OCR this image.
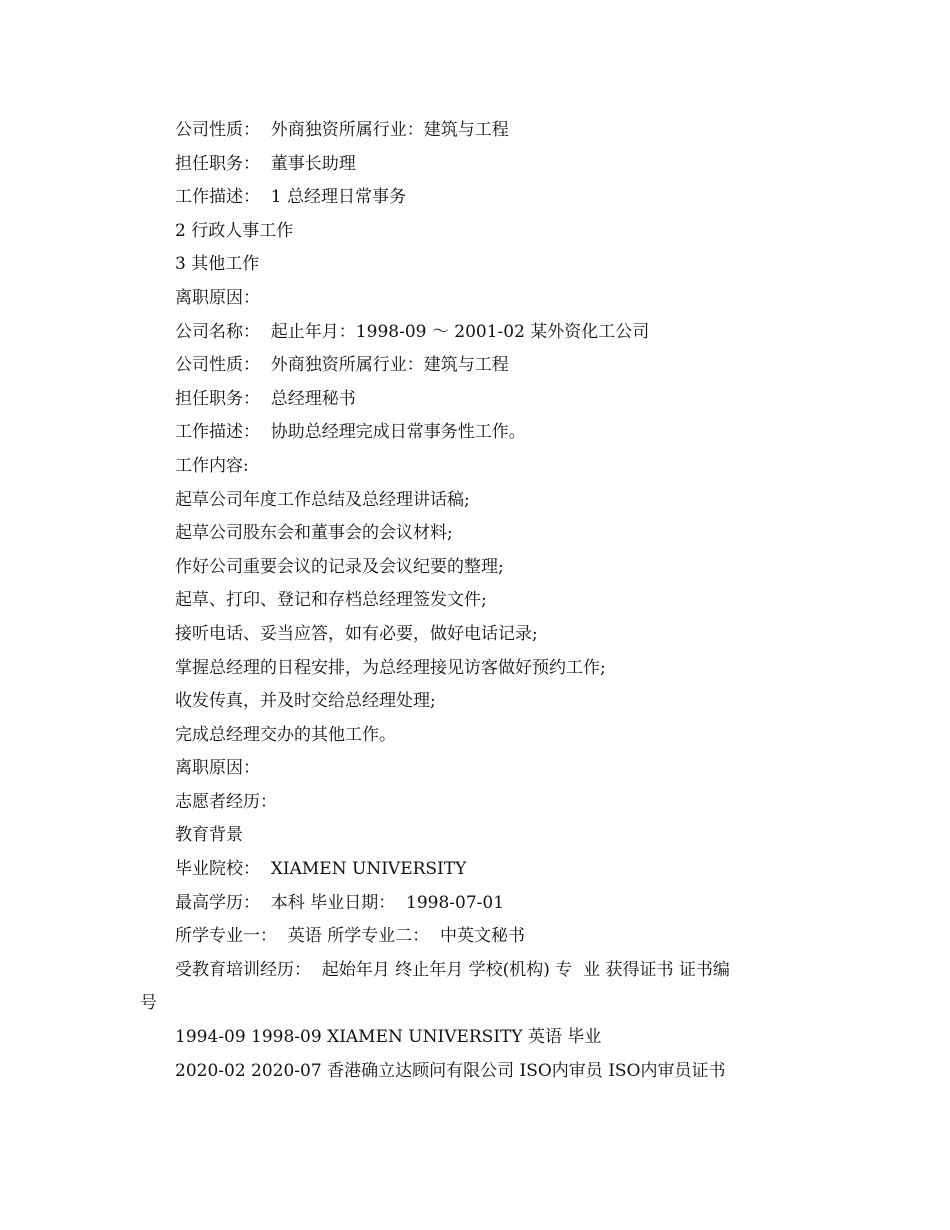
公司性质：  外商独资所属行业：建筑与工程
担任职务：  董事长助理
工作描述：  1 总经理日常事务
2 行政人事工作
3 其他工作
离职原因：
公司名称：  起止年月：1998-09 ～ 2001-02 某外资化工公司
公司性质：  外商独资所属行业：建筑与工程
担任职务：  总经理秘书
工作描述：  协助总经理完成日常事务性工作。
工作内容:
起草公司年度工作总结及总经理讲话稿;
起草公司股东会和董事会的会议材料;
作好公司重要会议的记录及会议纪要的整理;
起草、打印、登记和存档总经理签发文件;
接听电话、妥当应答，如有必要，做好电话记录;
掌握总经理的日程安排，为总经理接见访客做好预约工作;
收发传真，并及时交给总经理处理;
完成总经理交办的其他工作。
离职原因：
志愿者经历：
教育背景
毕业院校：  XIAMEN UNIVERSITY
最高学历：  本科 毕业日期：  1998-07-01
所学专业一：  英语 所学专业二：  中英文秘书
受教育培训经历：  起始年月 终止年月 学校(机构) 专  业 获得证书 证书编
号
1994-09 1998-09 XIAMEN UNIVERSITY 英语 毕业
2020-02 2020-07 香港确立达顾问有限公司 ISO内审员 ISO内审员证书
